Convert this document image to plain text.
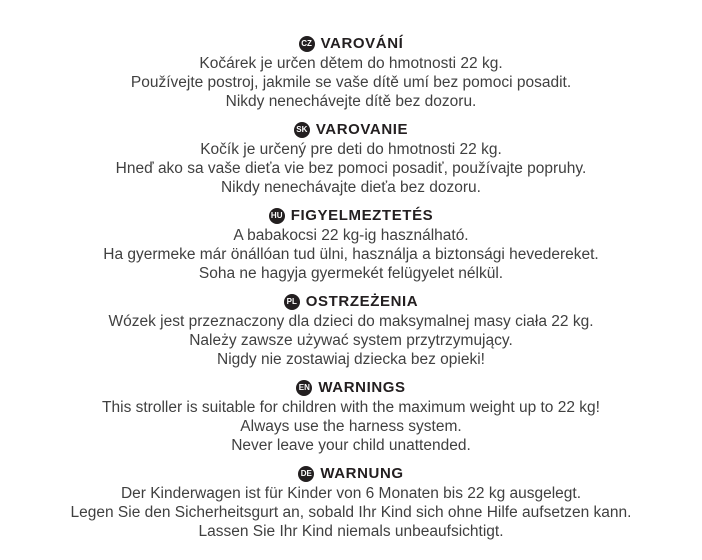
CZ VAROVÁNÍ

Kočárek je určen dětem do hmotnosti 22 kg.

Používejte postroj, jakmile se vaše dítě umí bez pomoci posadit.

Nikdy nenechávejte dítě bez dozoru.

SK VAROVANIE

Kočík je určený pre deti do hmotnosti 22 kg.

Hneď ako sa vaše dieťa vie bez pomoci posadiť, používajte popruhy.

Nikdy nenechávajte dieťa bez dozoru.

HU FIGYELMEZTETÉS

A babakocsi 22 kg-ig használható.

Ha gyermeke már önállóan tud ülni, használja a biztonsági hevedereket.

Soha ne hagyja gyermekét felügyelet nélkül.

PL OSTRZEŻENIA

Wózek jest przeznaczony dla dzieci do maksymalnej masy ciała 22 kg.

Należy zawsze używać system przytrzymujący.

Nigdy nie zostawiaj dziecka bez opieki!

EN WARNINGS

This stroller is suitable for children with the maximum weight up to 22 kg!

Always use the harness system.

Never leave your child unattended.

DE WARNUNG

Der Kinderwagen ist für Kinder von 6 Monaten bis 22 kg ausgelegt.

Legen Sie den Sicherheitsgurt an, sobald Ihr Kind sich ohne Hilfe aufsetzen kann.

Lassen Sie Ihr Kind niemals unbeaufsichtigt.
